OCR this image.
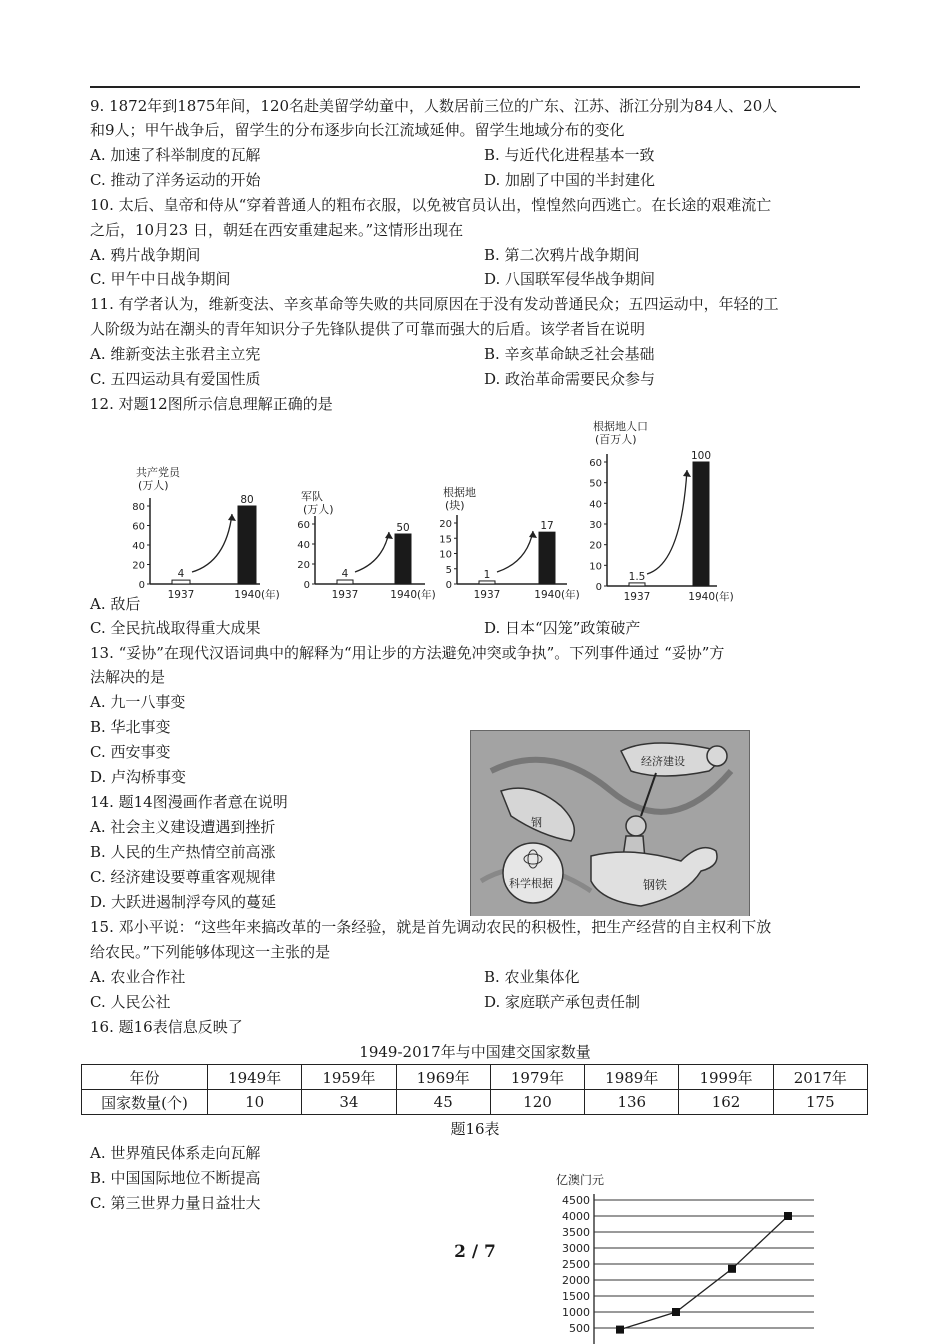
9. 1872年到1875年间，120名赴美留学幼童中，人数居前三位的广东、江苏、浙江分别为84人、20人
和9人；甲午战争后，留学生的分布逐步向长江流域延伸。留学生地域分布的变化
A. 加速了科举制度的瓦解	B. 与近代化进程基本一致
C. 推动了洋务运动的开始	D. 加剧了中国的半封建化
10. 太后、皇帝和侍从“穿着普通人的粗布衣服，以免被官员认出，惶惶然向西逃亡。在长途的艰难流亡
之后，10月23 日，朝廷在西安重建起来。”这情形出现在
A. 鸦片战争期间	B. 第二次鸦片战争期间
C. 甲午中日战争期间	D. 八国联军侵华战争期间
11. 有学者认为，维新变法、辛亥革命等失败的共同原因在于没有发动普通民众；五四运动中，年轻的工
人阶级为站在潮头的青年知识分子先锋队提供了可靠而强大的后盾。该学者旨在说明
A. 维新变法主张君主立宪	B. 辛亥革命缺乏社会基础
C. 五四运动具有爱国性质	D. 政治革命需要民众参与
12. 对题12图所示信息理解正确的是
共产党员
(万人)
0
20
40
60
80
4
1937
80
1940(年)
军队
(万人)
0
20
40
60
4
1937
50
1940(年)
根据地
(块)
0
5
10
15
20
1
1937
17
1940(年)
根据地人口
(百万人)
0
10
20
30
40
50
60
1.5
1937
100
1940(年)
A. 敌后
C. 全民抗战取得重大成果	D. 日本“囚笼”政策破产
13. “妥协”在现代汉语词典中的解释为“用让步的方法避免冲突或争执”。下列事件通过 “妥协”方
法解决的是
A. 九一八事变
B. 华北事变
C. 西安事变
D. 卢沟桥事变
14. 题14图漫画作者意在说明
A. 社会主义建设遭遇到挫折
B. 人民的生产热情空前高涨
C. 经济建设要尊重客观规律
D. 大跃进遏制浮夸风的蔓延
经济建设
钢铁
钢
科学根据
15. 邓小平说：“这些年来搞改革的一条经验，就是首先调动农民的积极性，把生产经营的自主权利下放
给农民。”下列能够体现这一主张的是
A. 农业合作社	B. 农业集体化
C. 人民公社	D. 家庭联产承包责任制
16. 题16表信息反映了
1949-2017年与中国建交国家数量
年份	1949年	1959年	1969年	1979年	1989年	1999年	2017年
国家数量(个)	10	34	45	120	136	162	175
题16表
A. 世界殖民体系走向瓦解
B. 中国国际地位不断提高
C. 第三世界力量日益壮大
亿澳门元
500
1000
1500
2000
2500
3000
3500
4000
4500
2 / 7
